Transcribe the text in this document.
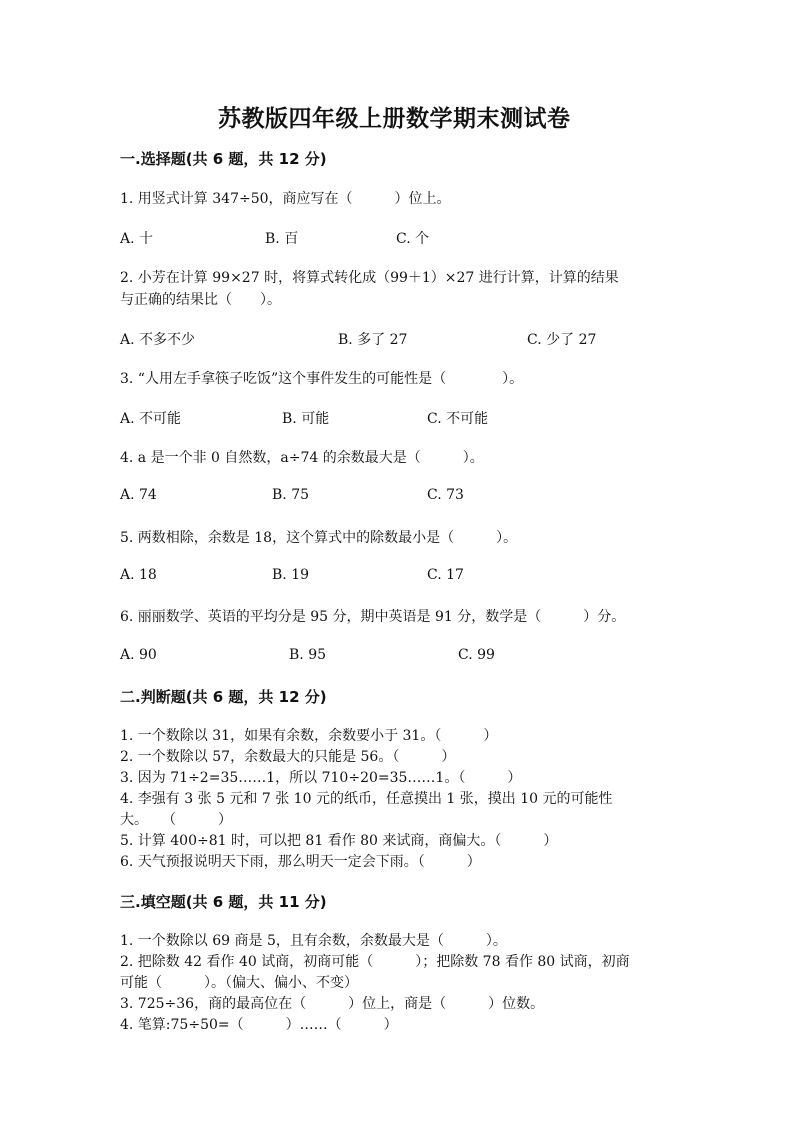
苏教版四年级上册数学期末测试卷
一.选择题(共 6 题，共 12 分)
1. 用竖式计算 347÷50，商应写在（　　　）位上。
A. 十	B. 百	C. 个
2. 小芳在计算 99×27 时，将算式转化成（99＋1）×27 进行计算，计算的结果
与正确的结果比（　　）。
A. 不多不少	B. 多了 27	C. 少了 27
3. “人用左手拿筷子吃饭”这个事件发生的可能性是（　　　　）。
A. 不可能	B. 可能	C. 不可能
4. a 是一个非 0 自然数，a÷74 的余数最大是（　　　）。
A. 74	B. 75	C. 73
5. 两数相除，余数是 18，这个算式中的除数最小是（　　　）。
A. 18	B. 19	C. 17
6. 丽丽数学、英语的平均分是 95 分，期中英语是 91 分，数学是（　　　）分。
A. 90	B. 95	C. 99
二.判断题(共 6 题，共 12 分)
1. 一个数除以 31，如果有余数，余数要小于 31。（　　　）
2. 一个数除以 57，余数最大的只能是 56。（　　　）
3. 因为 71÷2=35……1，所以 710÷20=35……1。（　　　）
4. 李强有 3 张 5 元和 7 张 10 元的纸币，任意摸出 1 张，摸出 10 元的可能性
大。　　（　　　）
5. 计算 400÷81 时，可以把 81 看作 80 来试商，商偏大。（　　　）
6. 天气预报说明天下雨，那么明天一定会下雨。（　　　）
三.填空题(共 6 题，共 11 分)
1. 一个数除以 69 商是 5，且有余数，余数最大是（　　　）。
2. 把除数 42 看作 40 试商，初商可能（　　　）；把除数 78 看作 80 试商，初商
可能（　　　）。（偏大、偏小、不变）
3. 725÷36，商的最高位在（　　　）位上，商是（　　　）位数。
4. 笔算:75÷50=（　　　）……（　　　）
